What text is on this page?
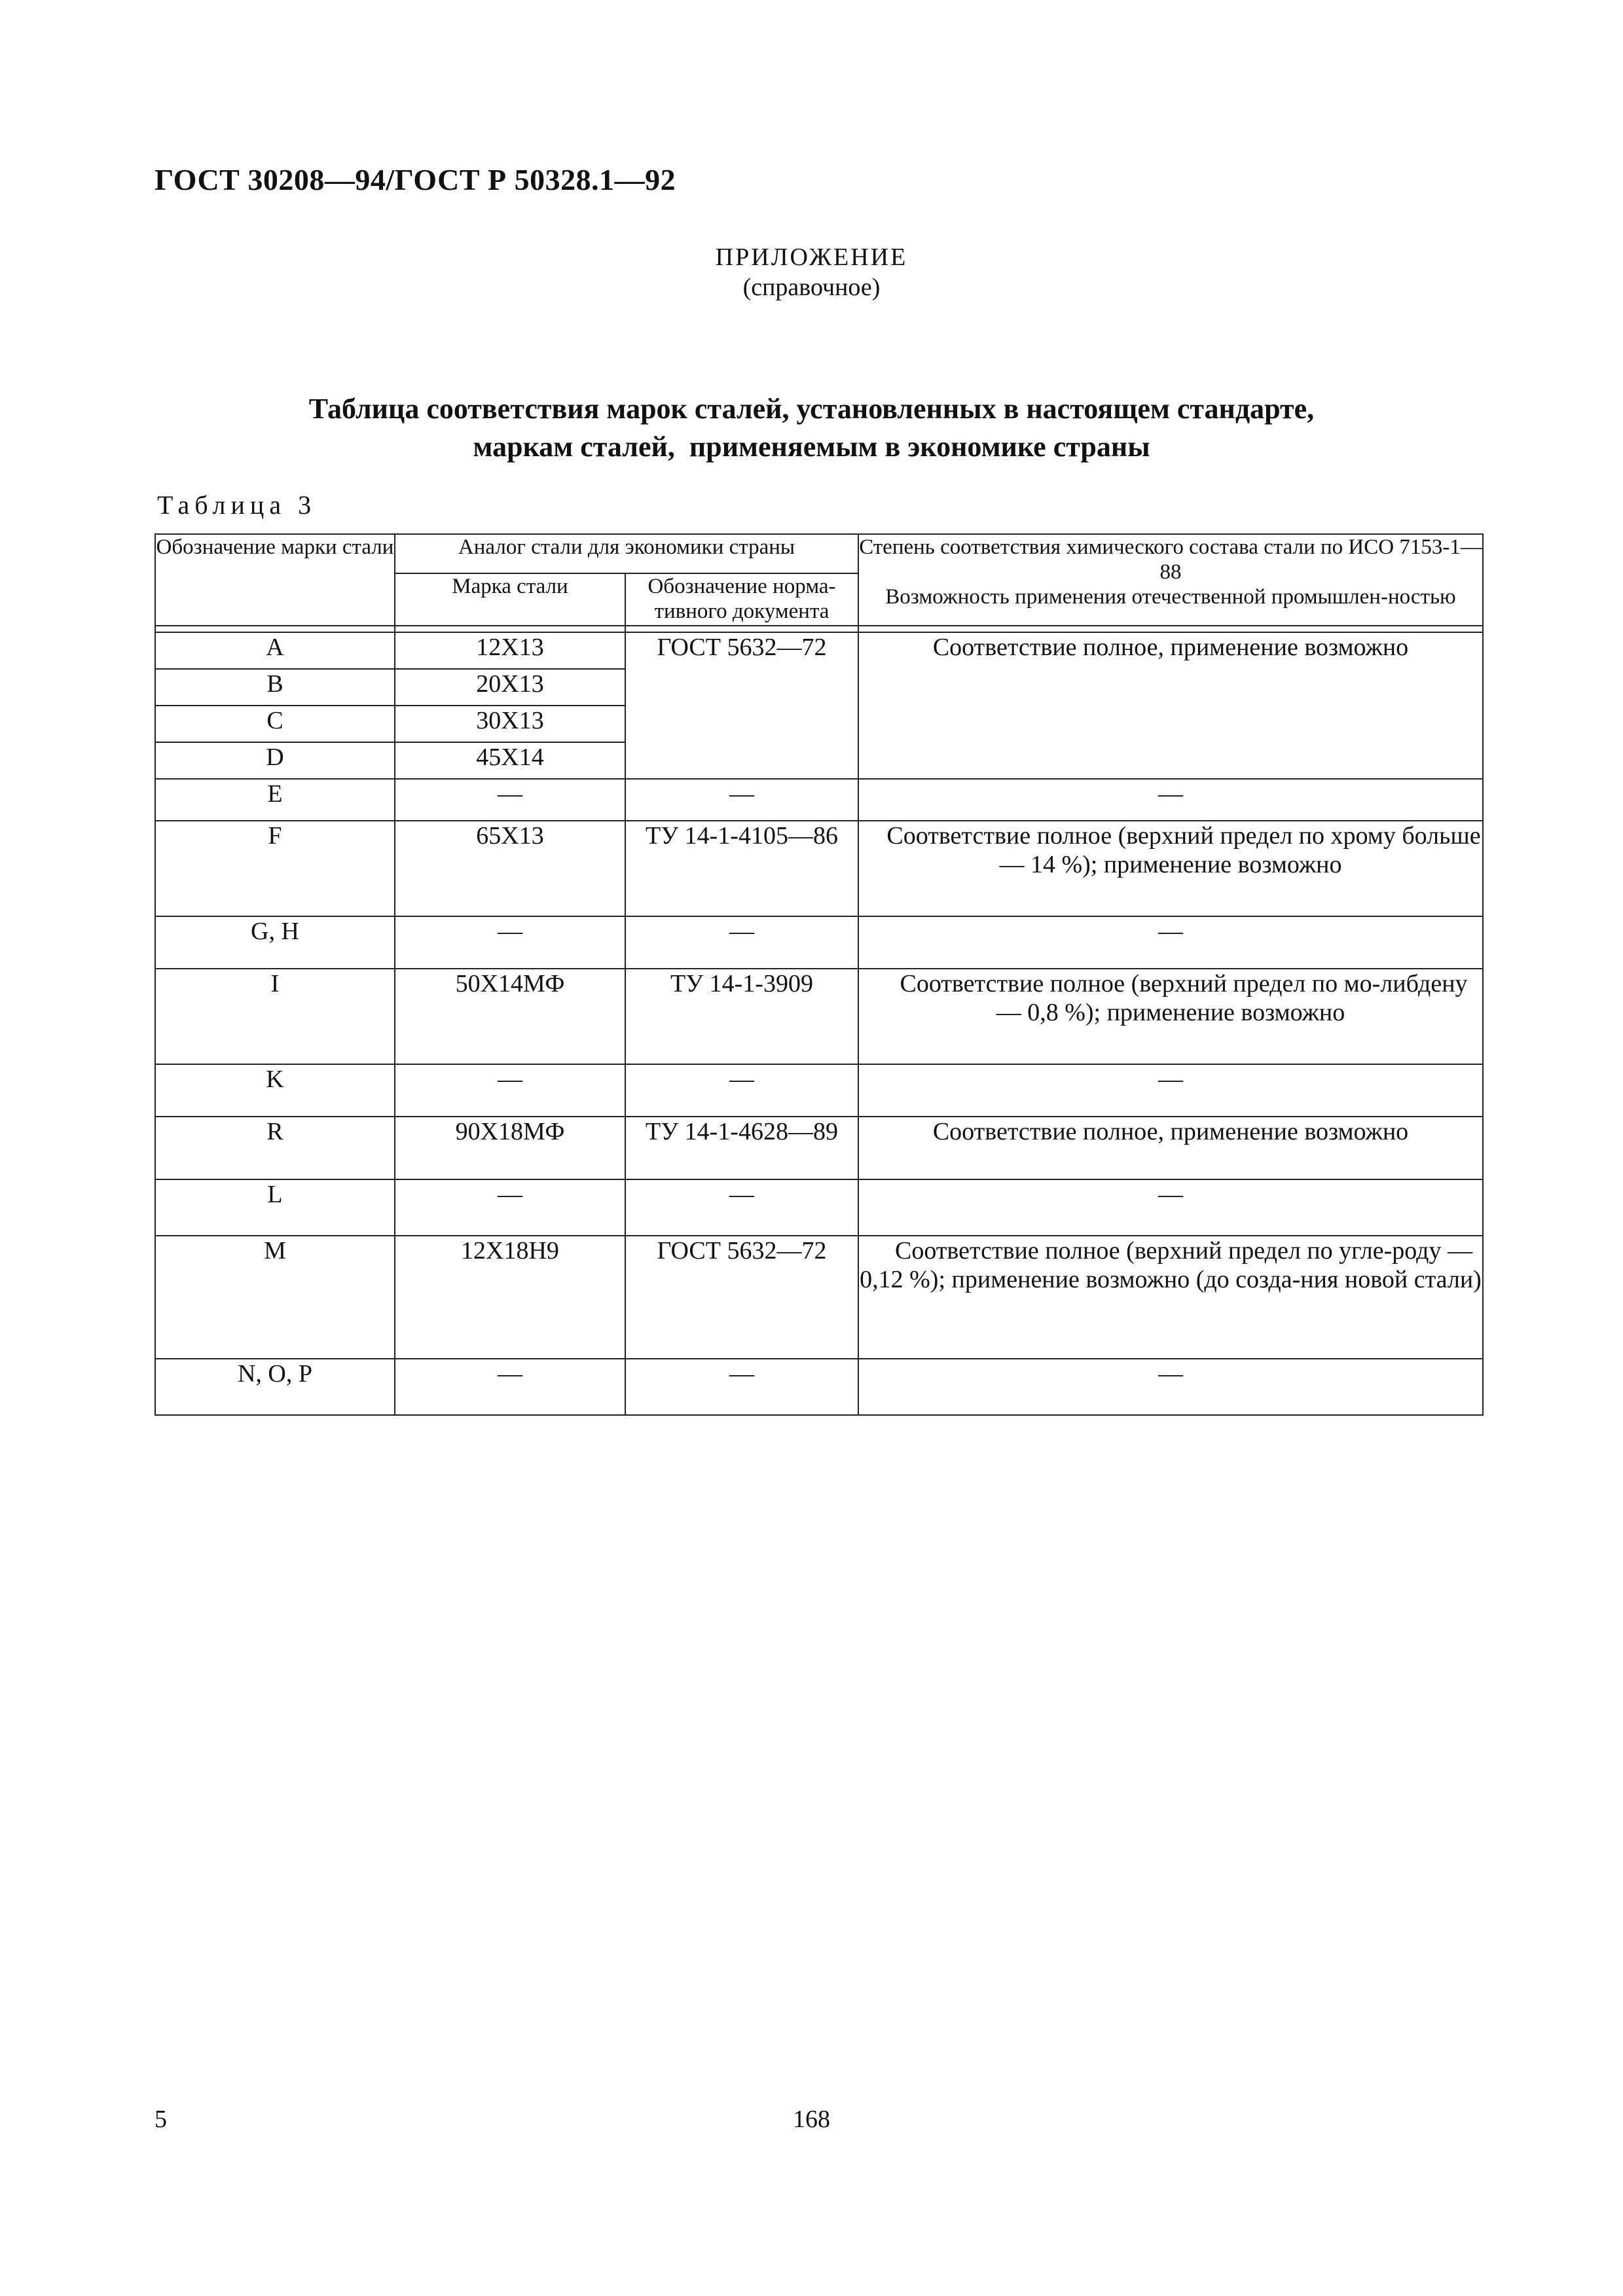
ГОСТ 30208—94/ГОСТ Р 50328.1—92
ПРИЛОЖЕНИЕ
(справочное)
Таблица соответствия марок сталей, установленных в настоящем стандарте,
маркам сталей,  применяемым в экономике страны
Таблица 3
Обозначение марки стали	Аналог стали для экономики страны		Степень соответствия химического состава стали по ИСО 7153-1—88
Возможность применения отечественной промышлен-ностью

	Марка стали	Обозначение норма-тивного документа	

A	12Х13	ГОСТ 5632—72	Соответствие полное, применение возможно
B	20Х13		
C	30Х13		
D	45Х14		
E	—	—	—
F	65Х13	ТУ 14-1-4105—86	Соответствие полное (верхний предел по хрому больше — 14 %); применение возможно
G, H	—	—	—
I	50Х14МФ	ТУ 14-1-3909	Соответствие полное (верхний предел по мо-либдену — 0,8 %); применение возможно
K	—	—	—
R	90Х18МФ	ТУ 14-1-4628—89	Соответствие полное, применение возможно
L	—	—	—
M	12Х18Н9	ГОСТ 5632—72	Соответствие полное (верхний предел по угле-роду — 0,12 %); применение возможно (до созда-ния новой стали)
N, O, P	—	—	—
5	168
